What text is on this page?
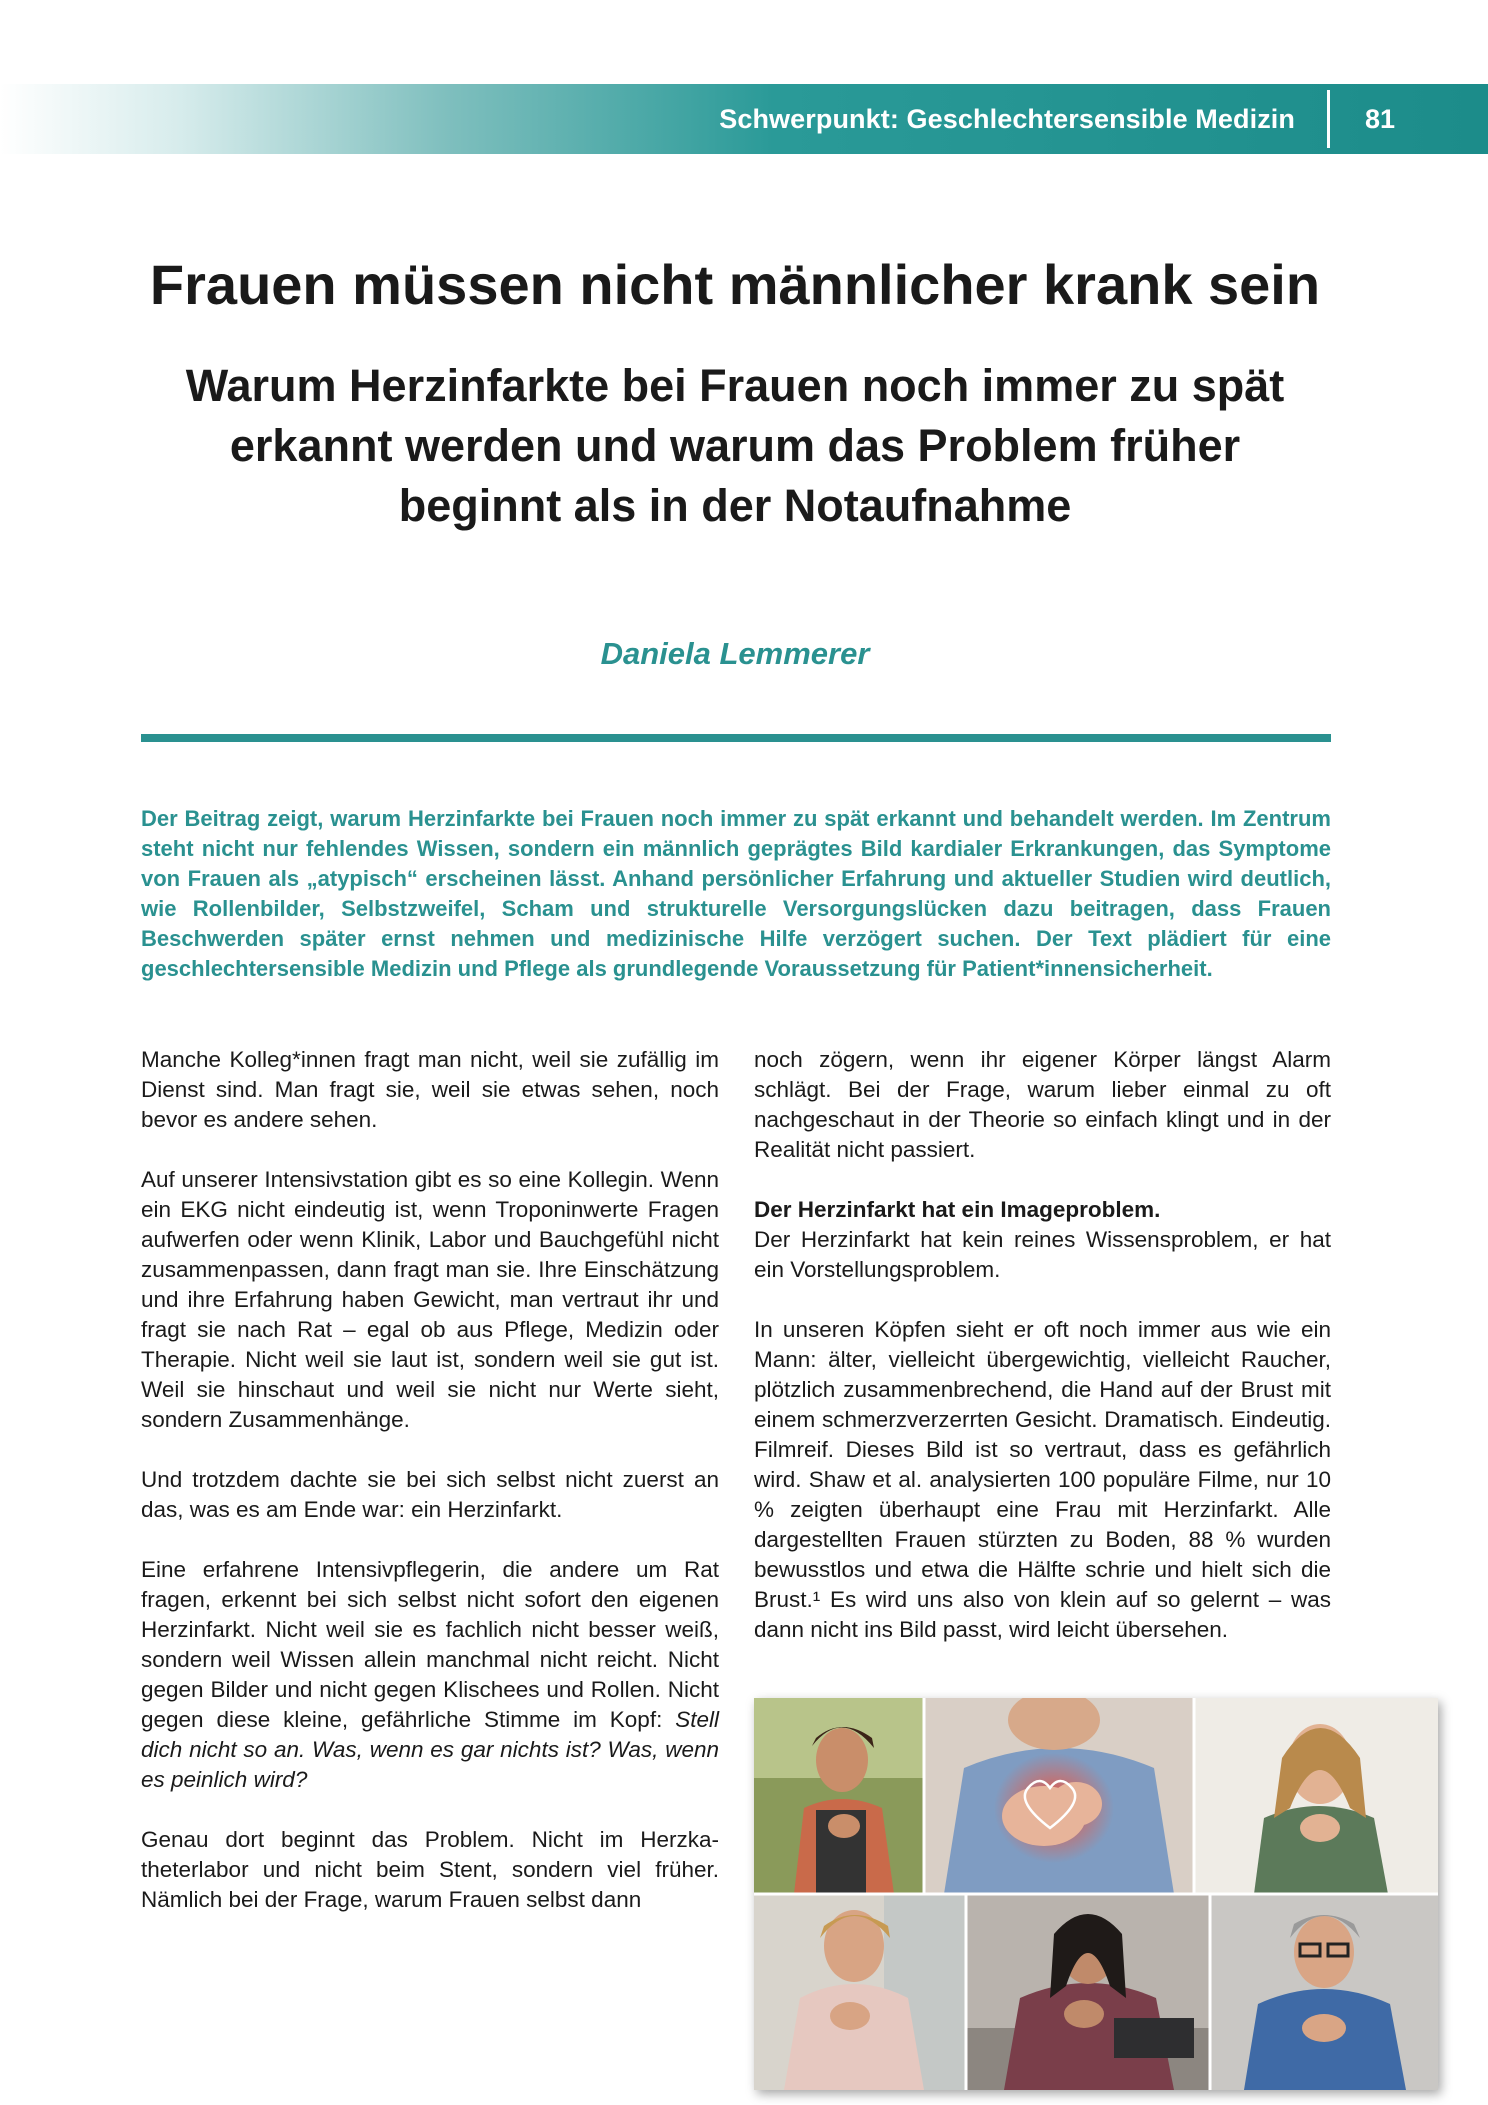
Schwerpunkt: Geschlechtersensible Medizin	81
Frauen müssen nicht männlicher krank sein
Warum Herzinfarkte bei Frauen noch immer zu spät
erkannt werden und warum das Problem früher
beginnt als in der Notaufnahme
Daniela Lemmerer

Der Beitrag zeigt, warum Herzinfarkte bei Frauen noch immer zu spät erkannt und behandelt werden. Im Zentrum steht nicht nur fehlendes Wissen, sondern ein männlich geprägtes Bild kardialer Erkrankungen, das Symptome von Frauen als „atypisch“ erscheinen lässt. Anhand persönlicher Erfahrung und aktueller Studien wird deutlich, wie Rollenbilder, Selbstzweifel, Scham und strukturelle Versorgungslücken dazu beitragen, dass Frauen Beschwerden später ernst nehmen und medizinische Hilfe verzögert suchen. Der Text plädiert für eine geschlechtersensible Medizin und Pflege als grundlegende Voraussetzung für Patient*innensicherheit.

Manche Kolleg*innen fragt man nicht, weil sie zufällig im Dienst sind. Man fragt sie, weil sie etwas sehen, noch bevor es andere sehen.

Auf unserer Intensivstation gibt es so eine Kollegin. Wenn ein EKG nicht eindeutig ist, wenn Troponinwerte Fragen aufwerfen oder wenn Klinik, Labor und Bauchgefühl nicht zusammenpassen, dann fragt man sie. Ihre Einschätzung und ihre Erfahrung haben Gewicht, man vertraut ihr und fragt sie nach Rat – egal ob aus Pflege, Medizin oder Therapie. Nicht weil sie laut ist, sondern weil sie gut ist. Weil sie hinschaut und weil sie nicht nur Werte sieht, sondern Zusammenhänge.

Und trotzdem dachte sie bei sich selbst nicht zuerst an das, was es am Ende war: ein Herzinfarkt.

Eine erfahrene Intensivpflegerin, die andere um Rat fragen, erkennt bei sich selbst nicht sofort den eigenen Herzinfarkt. Nicht weil sie es fachlich nicht besser weiß, sondern weil Wissen allein manchmal nicht reicht. Nicht gegen Bilder und nicht gegen Klischees und Rollen. Nicht gegen diese kleine, gefährliche Stimme im Kopf: Stell dich nicht so an. Was, wenn es gar nichts ist? Was, wenn es peinlich wird?

Genau dort beginnt das Problem. Nicht im Herzkatheterlabor und nicht beim Stent, sondern viel früher. Nämlich bei der Frage, warum Frauen selbst dann

noch zögern, wenn ihr eigener Körper längst Alarm schlägt. Bei der Frage, warum lieber einmal zu oft nachgeschaut in der Theorie so einfach klingt und in der Realität nicht passiert.

Der Herzinfarkt hat ein Imageproblem.
Der Herzinfarkt hat kein reines Wissensproblem, er hat ein Vorstellungsproblem.

In unseren Köpfen sieht er oft noch immer aus wie ein Mann: älter, vielleicht übergewichtig, vielleicht Raucher, plötzlich zusammenbrechend, die Hand auf der Brust mit einem schmerzverzerrten Gesicht. Dramatisch. Eindeutig. Filmreif. Dieses Bild ist so vertraut, dass es gefährlich wird. Shaw et al. analysierten 100 populäre Filme, nur 10 % zeigten überhaupt eine Frau mit Herzinfarkt. Alle dargestellten Frauen stürzten zu Boden, 88 % wurden bewusstlos und etwa die Hälfte schrie und hielt sich die Brust.¹ Es wird uns also von klein auf so gelernt – was dann nicht ins Bild passt, wird leicht übersehen.
